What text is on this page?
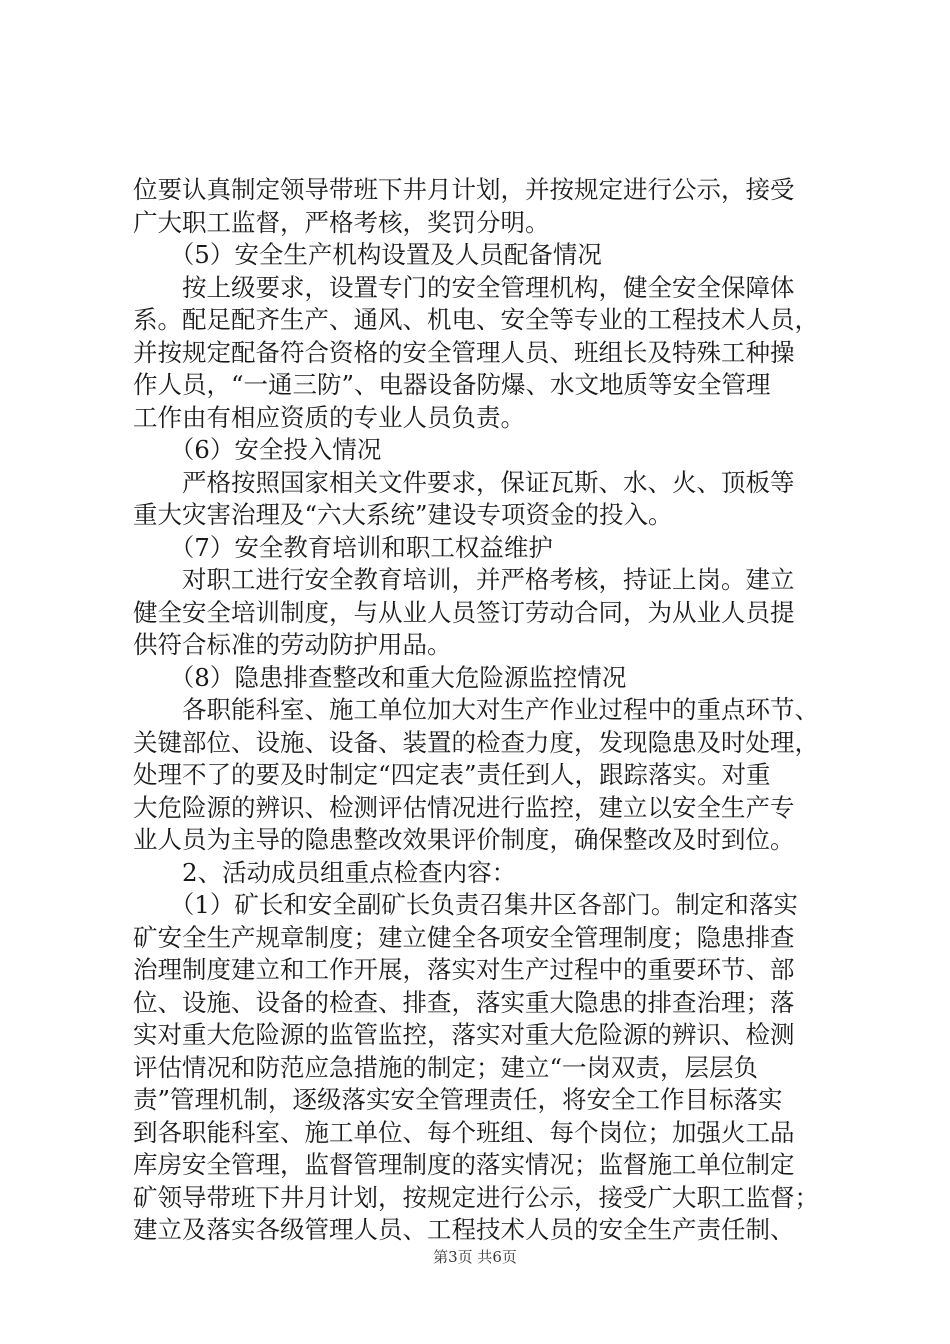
位要认真制定领导带班下井月计划，并按规定进行公示，接受
广大职工监督，严格考核，奖罚分明。
　　（5）安全生产机构设置及人员配备情况
　　按上级要求，设置专门的安全管理机构，健全安全保障体
系。配足配齐生产、通风、机电、安全等专业的工程技术人员，
并按规定配备符合资格的安全管理人员、班组长及特殊工种操
作人员，“一通三防”、电器设备防爆、水文地质等安全管理
工作由有相应资质的专业人员负责。
　　（6）安全投入情况
　　严格按照国家相关文件要求，保证瓦斯、水、火、顶板等
重大灾害治理及“六大系统”建设专项资金的投入。
　　（7）安全教育培训和职工权益维护
　　对职工进行安全教育培训，并严格考核，持证上岗。建立
健全安全培训制度，与从业人员签订劳动合同，为从业人员提
供符合标准的劳动防护用品。
　　（8）隐患排查整改和重大危险源监控情况
　　各职能科室、施工单位加大对生产作业过程中的重点环节、
关键部位、设施、设备、装置的检查力度，发现隐患及时处理，
处理不了的要及时制定“四定表”责任到人，跟踪落实。对重
大危险源的辨识、检测评估情况进行监控，建立以安全生产专
业人员为主导的隐患整改效果评价制度，确保整改及时到位。
　　2、活动成员组重点检查内容：
　　（1）矿长和安全副矿长负责召集井区各部门。制定和落实
矿安全生产规章制度；建立健全各项安全管理制度；隐患排查
治理制度建立和工作开展，落实对生产过程中的重要环节、部
位、设施、设备的检查、排查，落实重大隐患的排查治理；落
实对重大危险源的监管监控，落实对重大危险源的辨识、检测
评估情况和防范应急措施的制定；建立“一岗双责，层层负
责”管理机制，逐级落实安全管理责任，将安全工作目标落实
到各职能科室、施工单位、每个班组、每个岗位；加强火工品
库房安全管理，监督管理制度的落实情况；监督施工单位制定
矿领导带班下井月计划，按规定进行公示，接受广大职工监督；
建立及落实各级管理人员、工程技术人员的安全生产责任制、
第3页 共6页
